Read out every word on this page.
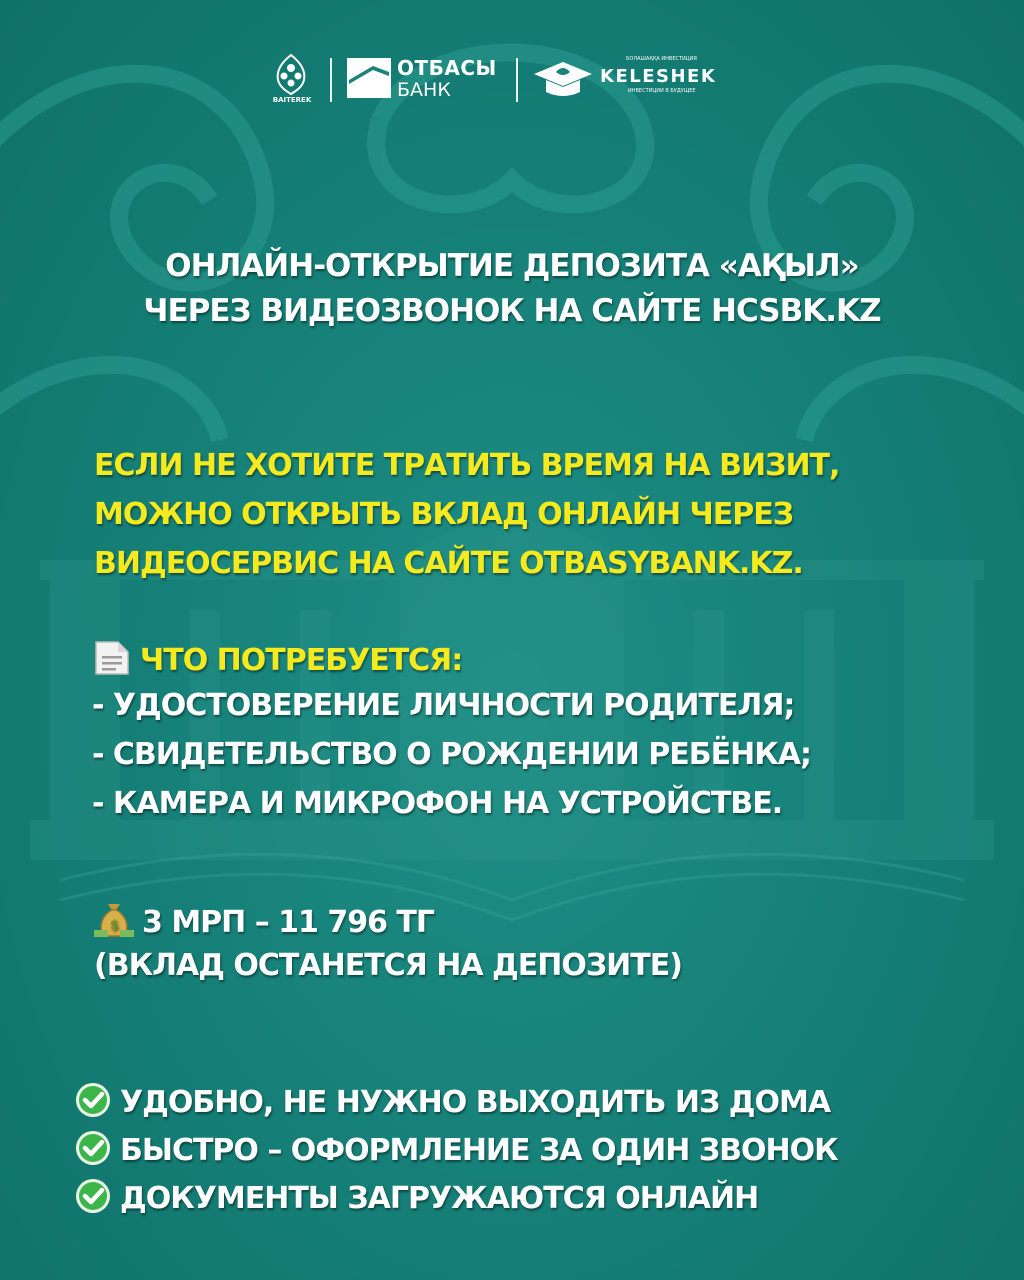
BAITEREK
ОТБАСЫ
БАНК
БОЛАШАҚҚА ИНВЕСТИЦИЯ
KELESHEK
ИНВЕСТИЦИИ В БУДУЩЕЕ
ОНЛАЙН-ОТКРЫТИЕ ДЕПОЗИТА «АҚЫЛ»
ЧЕРЕЗ ВИДЕОЗВОНОК НА САЙТЕ HCSBK.KZ
ЕСЛИ НЕ ХОТИТЕ ТРАТИТЬ ВРЕМЯ НА ВИЗИТ,
МОЖНО ОТКРЫТЬ ВКЛАД ОНЛАЙН ЧЕРЕЗ
ВИДЕОСЕРВИС НА САЙТЕ OTBASYBANK.KZ.
ЧТО ПОТРЕБУЕТСЯ:
- УДОСТОВЕРЕНИЕ ЛИЧНОСТИ РОДИТЕЛЯ;
- СВИДЕТЕЛЬСТВО О РОЖДЕНИИ РЕБЁНКА;
- КАМЕРА И МИКРОФОН НА УСТРОЙСТВЕ.
$ 3 МРП – 11 796 ТГ
(ВКЛАД ОСТАНЕТСЯ НА ДЕПОЗИТЕ)
УДОБНО, НЕ НУЖНО ВЫХОДИТЬ ИЗ ДОМА
БЫСТРО – ОФОРМЛЕНИЕ ЗА ОДИН ЗВОНОК
ДОКУМЕНТЫ ЗАГРУЖАЮТСЯ ОНЛАЙН
